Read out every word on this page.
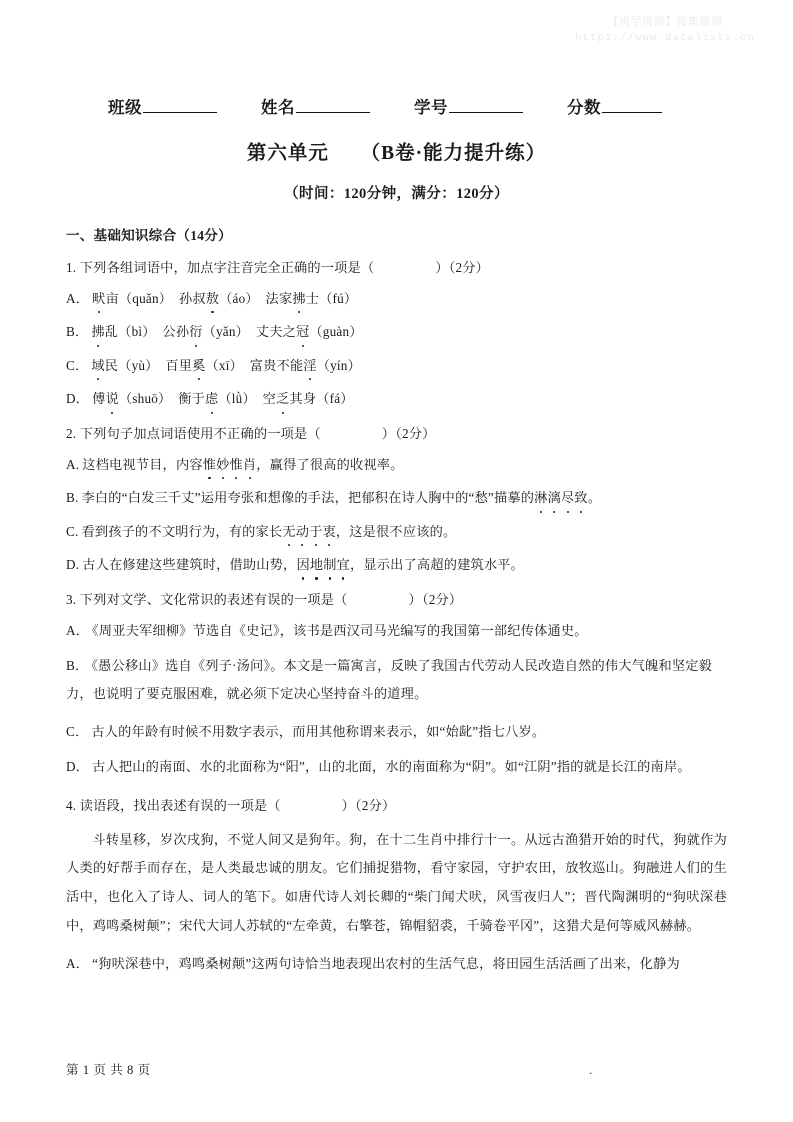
【尚学资源】搜集整理
https://www.datalists.cn
班级	姓名	学号	分数
第六单元 （B卷·能力提升练）
（时间：120分钟，满分：120分）
一、基础知识综合（14分）
1. 下列各组词语中，加点字注音完全正确的一项是（	）（2分）
A． 畎亩（quǎn）　 孙叔敖（áo）　 法家拂士（fú）
B． 拂乱（bì）　 公孙衍（yǎn）　 丈夫之冠（guàn）
C． 域民（yù）　 百里奚（xī）　 富贵不能淫（yín）
D． 傅说（shuō）　 衡于虑（lǜ）　 空乏其身（fá）
2. 下列句子加点词语使用不正确的一项是（	）（2分）
A. 这档电视节目，内容惟妙惟肖，赢得了很高的收视率。
B. 李白的“白发三千丈”运用夸张和想像的手法，把郁积在诗人胸中的“愁”描摹的淋漓尽致。
C. 看到孩子的不文明行为，有的家长无动于衷，这是很不应该的。
D. 古人在修建这些建筑时，借助山势，因地制宜，显示出了高超的建筑水平。
3. 下列对文学、文化常识的表述有误的一项是（	）（2分）
A． 《周亚夫军细柳》节选自《史记》，该书是西汉司马光编写的我国第一部纪传体通史。
B． 《愚公移山》选自《列子·汤问》。本文是一篇寓言，反映了我国古代劳动人民改造自然的伟大气魄和坚定毅力，也说明了要克服困难，就必须下定决心坚持奋斗的道理。
C． 古人的年龄有时候不用数字表示，而用其他称谓来表示，如“始龀”指七八岁。
D． 古人把山的南面、水的北面称为“阳”，山的北面，水的南面称为“阴”。如“江阴”指的就是长江的南岸。
4. 读语段，找出表述有误的一项是（	）（2分）
斗转星移，岁次戌狗，不觉人间又是狗年。狗，在十二生肖中排行十一。从远古渔猎开始的时代，狗就作为人类的好帮手而存在，是人类最忠诚的朋友。它们捕捉猎物，看守家园，守护农田，放牧巡山。狗融进人们的生活中，也化入了诗人、词人的笔下。如唐代诗人刘长卿的“柴门闻犬吠，风雪夜归人”；晋代陶渊明的“狗吠深巷中，鸡鸣桑树颠”；宋代大词人苏轼的“左牵黄，右擎苍，锦帽貂裘，千骑卷平冈”，这猎犬是何等威风赫赫。
A． “狗吠深巷中，鸡鸣桑树颠”这两句诗恰当地表现出农村的生活气息，将田园生活活画了出来，化静为
第 1 页 共 8 页	.
